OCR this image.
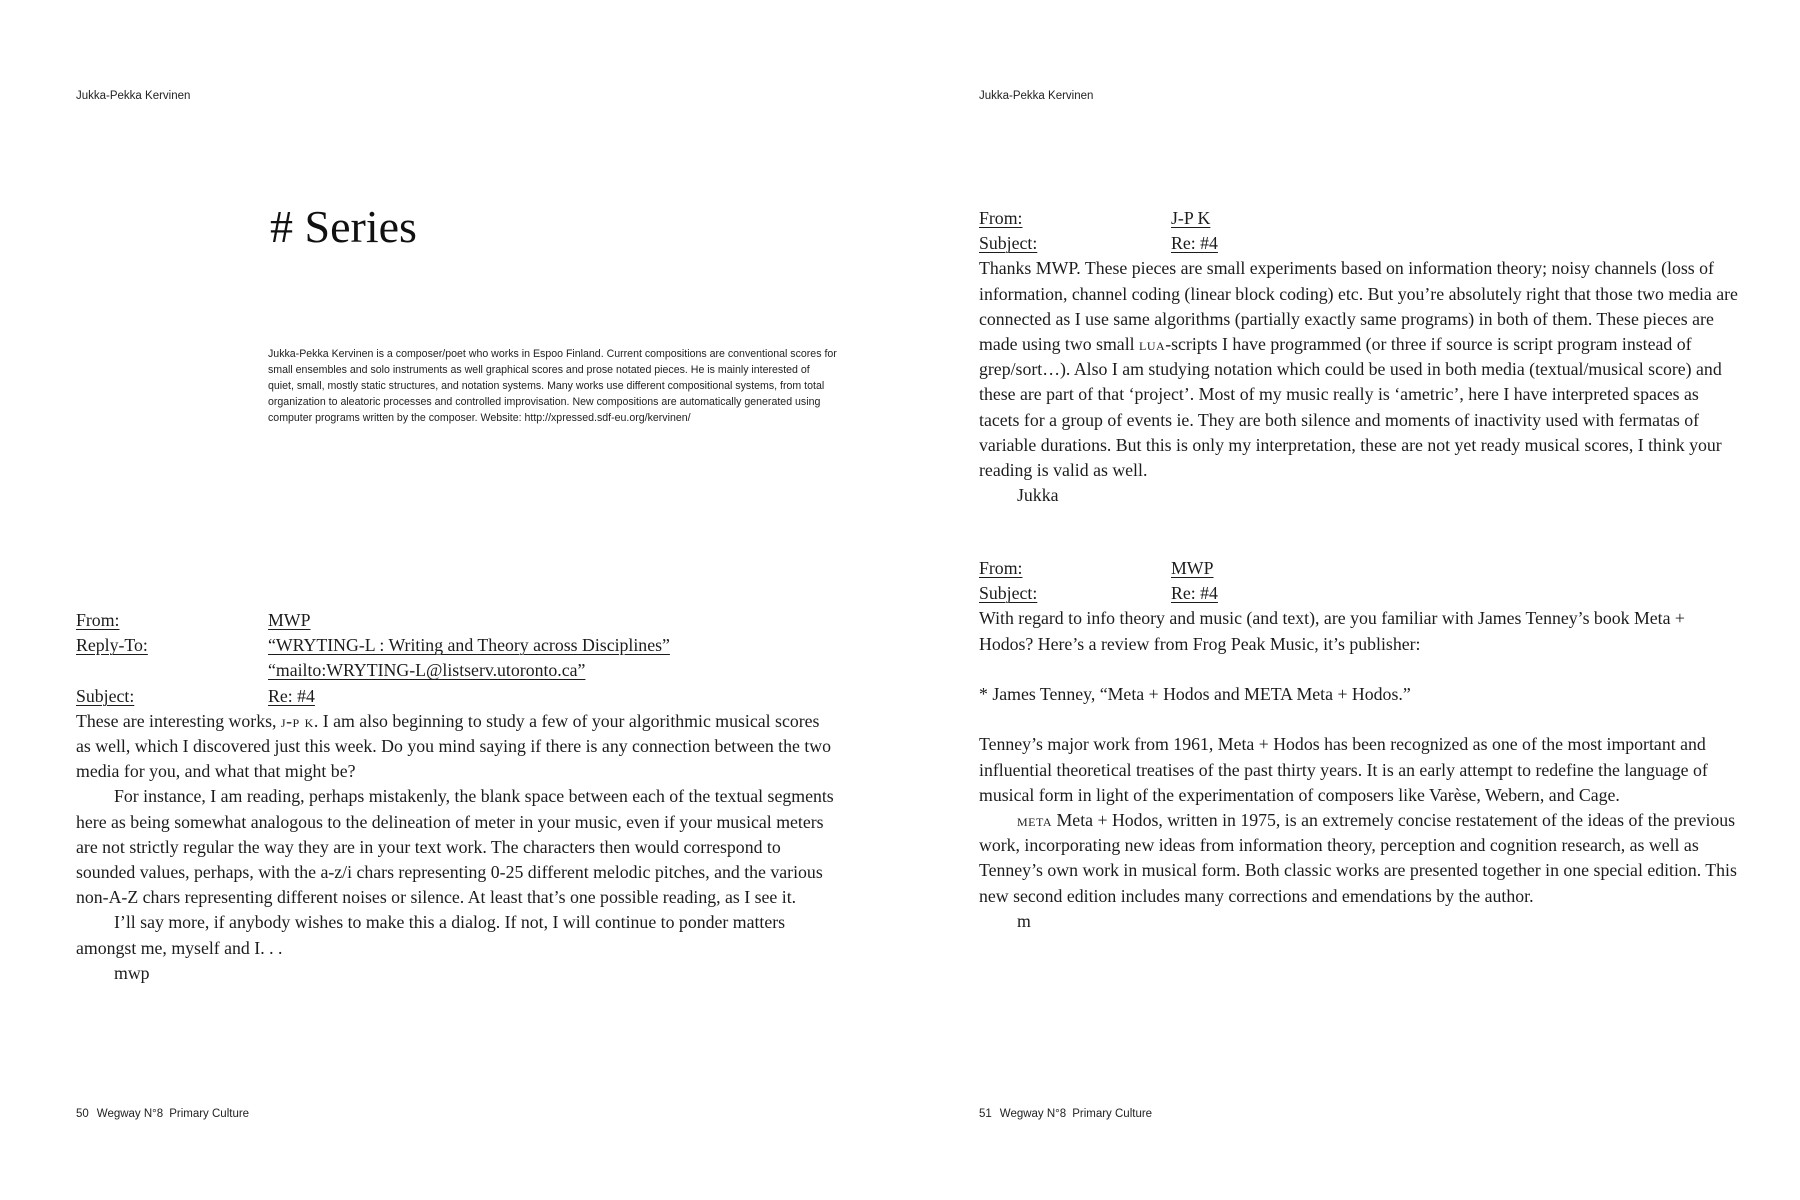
Jukka-Pekka Kervinen
# Series

Jukka-Pekka Kervinen is a composer/poet who works in Espoo Finland. Current compositions are conventional scores for small ensembles and solo instruments as well graphical scores and prose notated pieces. He is mainly interested of quiet, small, mostly static structures, and notation systems. Many works use different compositional systems, from total organization to aleatoric processes and controlled improvisation. New compositions are automatically generated using computer programs written by the composer. Website: http://xpressed.sdf-eu.org/kervinen/

From:	MWP
Reply-To:	“WRYTING-L : Writing and Theory across Disciplines”
“mailto:WRYTING-L@listserv.utoronto.ca”
Subject:	Re: #4

These are interesting works, j-p k. I am also beginning to study a few of your algorithmic musical scores as well, which I discovered just this week. Do you mind saying if there is any connection between the two media for you, and what that might be?

For instance, I am reading, perhaps mistakenly, the blank space between each of the textual segments here as being somewhat analogous to the delineation of meter in your music, even if your musical meters are not strictly regular the way they are in your text work. The characters then would correspond to sounded values, perhaps, with the a-z/i chars representing 0-25 different melodic pitches, and the various non-A-Z chars representing different noises or silence. At least that’s one possible reading, as I see it.

I’ll say more, if anybody wishes to make this a dialog. If not, I will continue to ponder matters amongst me, myself and I. . .

mwp

50 Wegway N°8 Primary Culture
Jukka-Pekka Kervinen
51 Wegway N°8 Primary Culture
From:	J-P K
Subject:	Re: #4

Thanks MWP. These pieces are small experiments based on information theory; noisy channels (loss of information, channel coding (linear block coding) etc. But you’re absolutely right that those two media are connected as I use same algorithms (partially exactly same programs) in both of them. These pieces are made using two small lua-scripts I have programmed (or three if source is script program instead of grep/sort…). Also I am studying notation which could be used in both media (textual/musical score) and these are part of that ‘project’. Most of my music really is ‘ametric’, here I have interpreted spaces as tacets for a group of events ie. They are both silence and moments of inactivity used with fermatas of variable durations. But this is only my interpretation, these are not yet ready musical scores, I think your reading is valid as well.

Jukka

From:	MWP
Subject:	Re: #4

With regard to info theory and music (and text), are you familiar with James Tenney’s book Meta + Hodos? Here’s a review from Frog Peak Music, it’s publisher:

* James Tenney, “Meta + Hodos and META Meta + Hodos.”

Tenney’s major work from 1961, Meta + Hodos has been recognized as one of the most important and influential theoretical treatises of the past thirty years. It is an early attempt to redefine the language of musical form in light of the experimentation of composers like Varèse, Webern, and Cage.

meta Meta + Hodos, written in 1975, is an extremely concise restatement of the ideas of the previous work, incorporating new ideas from information theory, perception and cognition research, as well as Tenney’s own work in musical form. Both classic works are presented together in one special edition. This new second edition includes many corrections and emendations by the author.

m
